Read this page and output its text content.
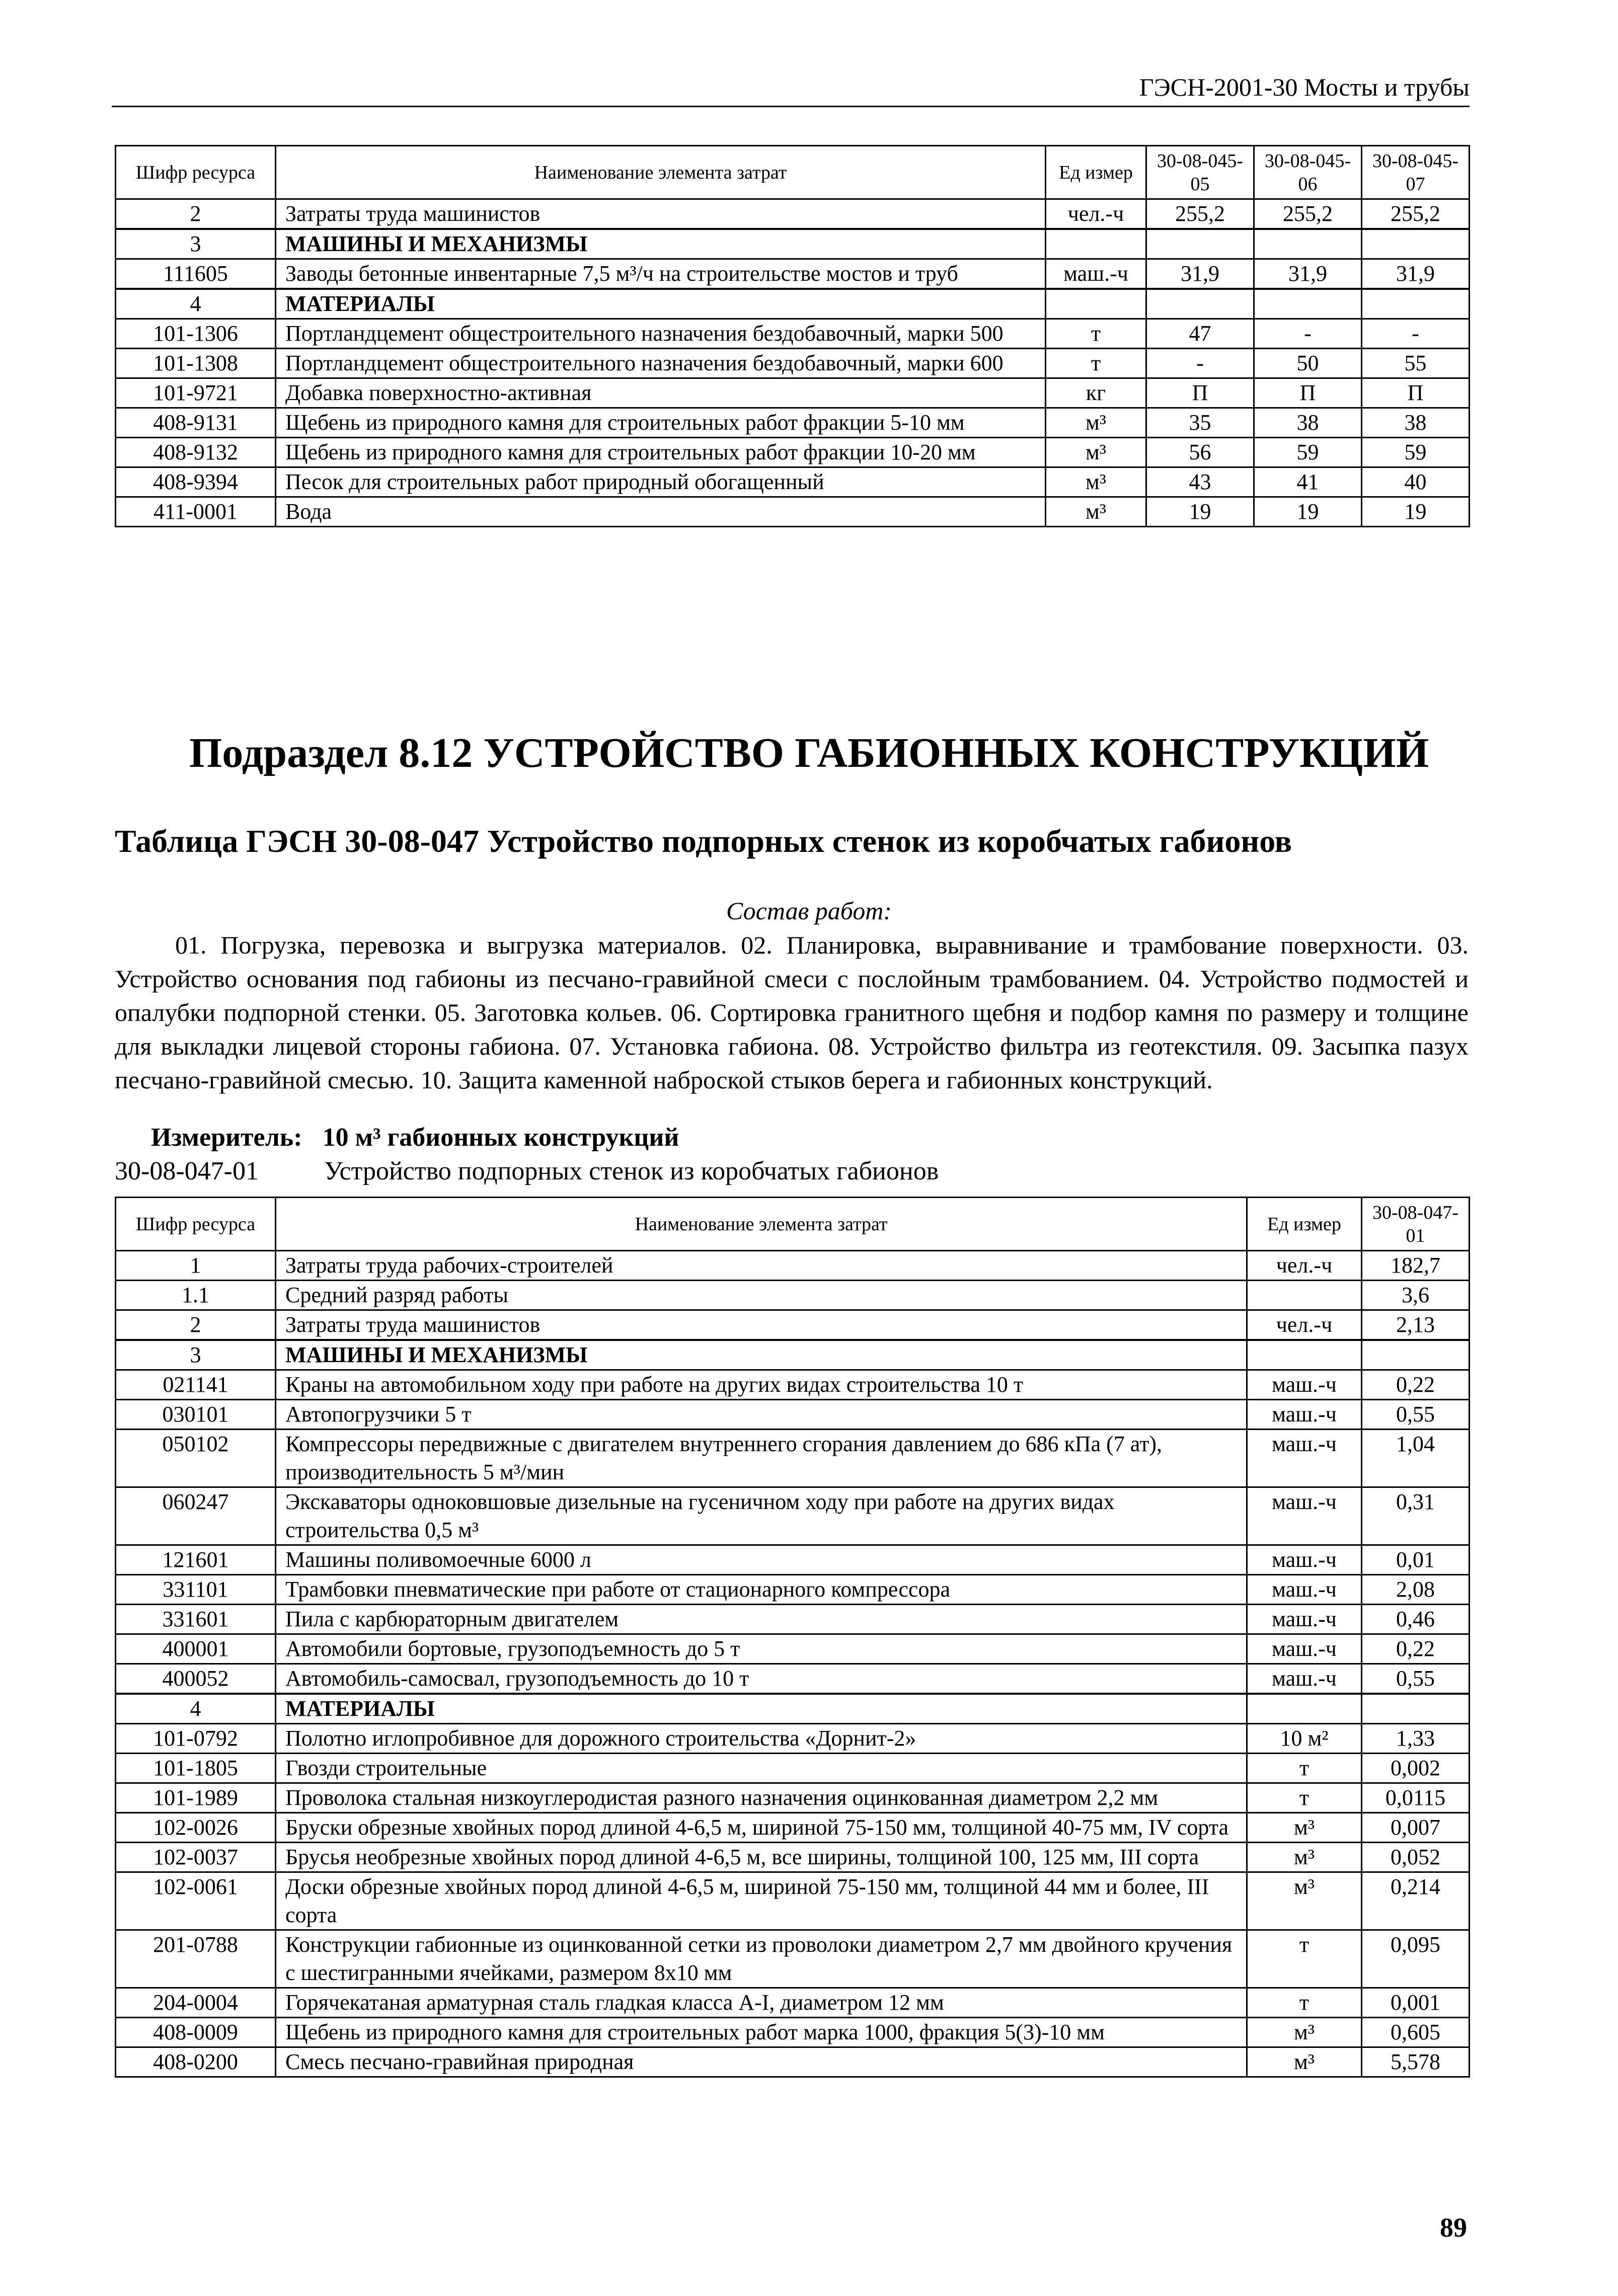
ГЭСН-2001-30 Мосты и трубы
Шифр ресурса	Наименование элемента затрат	Ед измер	30-08-045-05	30-08-045-06	30-08-045-07
2	Затраты труда машинистов	чел.-ч	255,2	255,2	255,2
3	МАШИНЫ И МЕХАНИЗМЫ				
111605	Заводы бетонные инвентарные 7,5 м³/ч на строительстве мостов и труб	маш.-ч	31,9	31,9	31,9
4	МАТЕРИАЛЫ				
101-1306	Портландцемент общестроительного назначения бездобавочный, марки 500	т	47	-	-
101-1308	Портландцемент общестроительного назначения бездобавочный, марки 600	т	-	50	55
101-9721	Добавка поверхностно-активная	кг	П	П	П
408-9131	Щебень из природного камня для строительных работ фракции 5-10 мм	м³	35	38	38
408-9132	Щебень из природного камня для строительных работ фракции 10-20 мм	м³	56	59	59
408-9394	Песок для строительных работ природный обогащенный	м³	43	41	40
411-0001	Вода	м³	19	19	19
Подраздел 8.12 УСТРОЙСТВО ГАБИОННЫХ КОНСТРУКЦИЙ
Таблица ГЭСН 30-08-047 Устройство подпорных стенок из коробчатых габионов
Состав работ:
01. Погрузка, перевозка и выгрузка материалов. 02. Планировка, выравнивание и трамбование поверхности. 03. Устройство основания под габионы из песчано-гравийной смеси с послойным трамбованием. 04. Устройство подмостей и опалубки подпорной стенки. 05. Заготовка кольев. 06. Сортировка гранитного щебня и подбор камня по размеру и толщине для выкладки лицевой стороны габиона. 07. Установка габиона. 08. Устройство фильтра из геотекстиля. 09. Засыпка пазух песчано-гравийной смесью. 10. Защита каменной наброской стыков берега и габионных конструкций.
Измеритель: 10 м³ габионных конструкций
30-08-047-01	Устройство подпорных стенок из коробчатых габионов
Шифр ресурса	Наименование элемента затрат	Ед измер	30-08-047-01
1	Затраты труда рабочих-строителей	чел.-ч	182,7
1.1	Средний разряд работы		3,6
2	Затраты труда машинистов	чел.-ч	2,13
3	МАШИНЫ И МЕХАНИЗМЫ		
021141	Краны на автомобильном ходу при работе на других видах строительства 10 т	маш.-ч	0,22
030101	Автопогрузчики 5 т	маш.-ч	0,55
050102	Компрессоры передвижные с двигателем внутреннего сгорания давлением до 686 кПа (7 ат), производительность 5 м³/мин	маш.-ч	1,04
060247	Экскаваторы одноковшовые дизельные на гусеничном ходу при работе на других видах строительства 0,5 м³	маш.-ч	0,31
121601	Машины поливомоечные 6000 л	маш.-ч	0,01
331101	Трамбовки пневматические при работе от стационарного компрессора	маш.-ч	2,08
331601	Пила с карбюраторным двигателем	маш.-ч	0,46
400001	Автомобили бортовые, грузоподъемность до 5 т	маш.-ч	0,22
400052	Автомобиль-самосвал, грузоподъемность до 10 т	маш.-ч	0,55
4	МАТЕРИАЛЫ		
101-0792	Полотно иглопробивное для дорожного строительства «Дорнит-2»	10 м²	1,33
101-1805	Гвозди строительные	т	0,002
101-1989	Проволока стальная низкоуглеродистая разного назначения оцинкованная диаметром 2,2 мм	т	0,0115
102-0026	Бруски обрезные хвойных пород длиной 4-6,5 м, шириной 75-150 мм, толщиной 40-75 мм, IV сорта	м³	0,007
102-0037	Брусья необрезные хвойных пород длиной 4-6,5 м, все ширины, толщиной 100, 125 мм, III сорта	м³	0,052
102-0061	Доски обрезные хвойных пород длиной 4-6,5 м, шириной 75-150 мм, толщиной 44 мм и более, III сорта	м³	0,214
201-0788	Конструкции габионные из оцинкованной сетки из проволоки диаметром 2,7 мм двойного кручения с шестигранными ячейками, размером 8х10 мм	т	0,095
204-0004	Горячекатаная арматурная сталь гладкая класса А-I, диаметром 12 мм	т	0,001
408-0009	Щебень из природного камня для строительных работ марка 1000, фракция 5(3)-10 мм	м³	0,605
408-0200	Смесь песчано-гравийная природная	м³	5,578
89
